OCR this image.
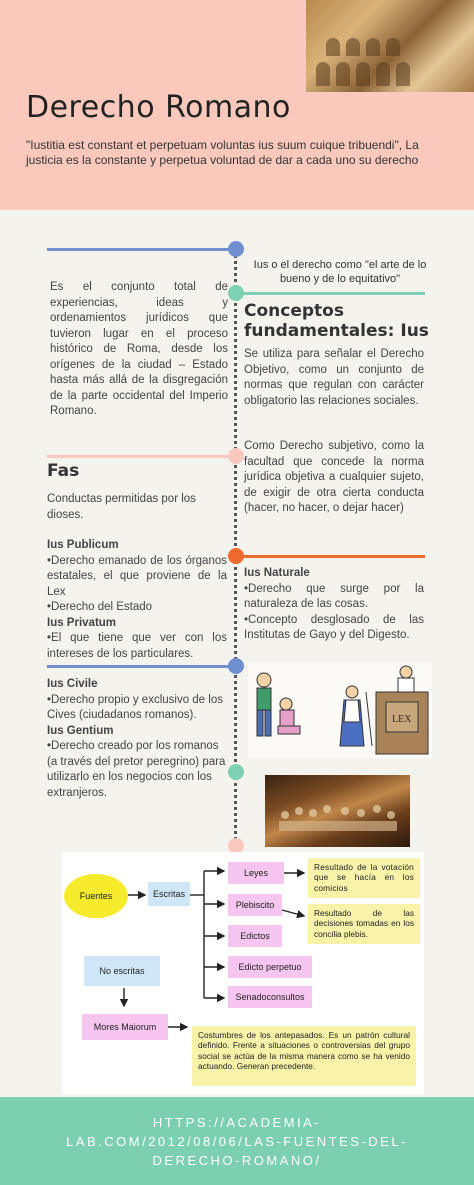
Derecho Romano

"Iustitia est constant et perpetuam voluntas ius suum cuique tribuendi", La justicia es la constante y perpetua voluntad de dar a cada uno su derecho

Ius o el derecho como "el arte de lo bueno y de lo equitativo"

Es el conjunto total de experiencias, ideas y ordenamientos jurídicos que tuvieron lugar en el proceso histórico de Roma, desde los orígenes de la ciudad – Estado hasta más allá de la disgregación de la parte occidental del Imperio Romano.

Conceptos fundamentales: Ius

Se utiliza para señalar el Derecho Objetivo, como un conjunto de normas que regulan con carácter obligatorio las relaciones sociales.

Como Derecho subjetivo, como la facultad que concede la norma jurídica objetiva a cualquier sujeto, de exigir de otra cierta conducta (hacer, no hacer, o dejar hacer)

Fas

Conductas permitidas por los dioses.

Ius Publicum
•Derecho emanado de los órganos estatales, el que proviene de la Lex
•Derecho del Estado
Ius Privatum
•El que tiene que ver con los intereses de los particulares.
Ius Naturale
•Derecho que surge por la naturaleza de las cosas.
•Concepto desglosado de las Institutas de Gayo y del Digesto.
Ius Civile
•Derecho propio y exclusivo de los Cives (ciudadanos romanos).
Ius Gentium
•Derecho creado por los romanos (a través del pretor peregrino) para utilizarlo en los negocios con los extranjeros.
LEX
Fuentes	Escritas
No escritas
Mores Maiorum
Leyes
Plebiscito
Edictos
Edicto perpetuo
Senadoconsultos
Resultado de la votación que se hacía en los comicios
Resultado de las decisiones tomadas en los concilia plebis.
Costumbres de los antepasados. Es un patrón cultural definido. Frente a situaciones o controversias del grupo social se actúa de la misma manera como se ha venido actuando. Generan precedente.
HTTPS://ACADEMIA-LAB.COM/2012/08/06/LAS-FUENTES-DEL-DERECHO-ROMANO/
